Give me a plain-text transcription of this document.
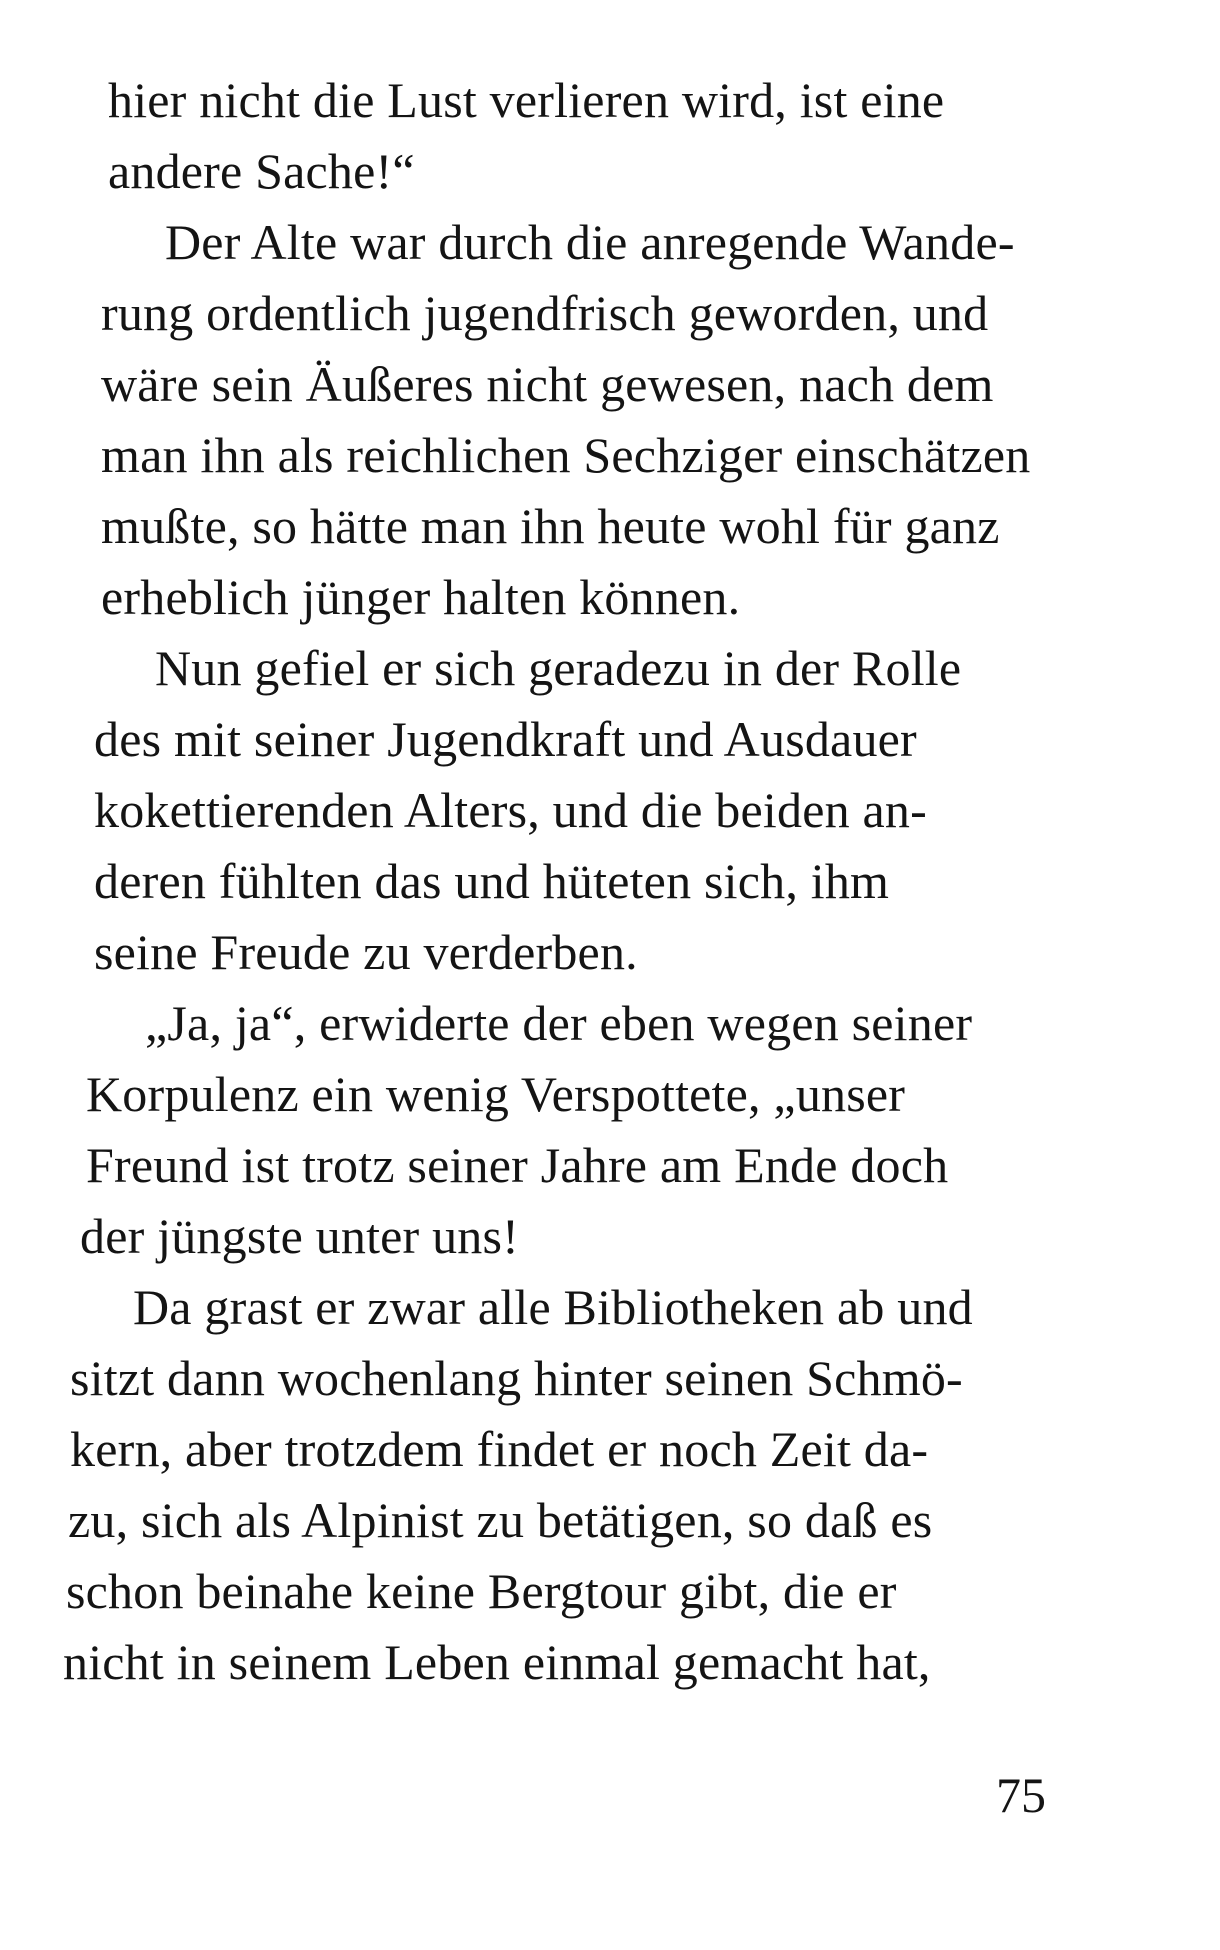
hier nicht die Lust verlieren wird, ist eine
andere Sache!“
Der Alte war durch die anregende Wande-
rung ordentlich jugendfrisch geworden, und
wäre sein Äußeres nicht gewesen, nach dem
man ihn als reichlichen Sechziger einschätzen
mußte, so hätte man ihn heute wohl für ganz
erheblich jünger halten können.
Nun gefiel er sich geradezu in der Rolle
des mit seiner Jugendkraft und Ausdauer
kokettierenden Alters, und die beiden an-
deren fühlten das und hüteten sich, ihm
seine Freude zu verderben.
„Ja, ja“, erwiderte der eben wegen seiner
Korpulenz ein wenig Verspottete, „unser
Freund ist trotz seiner Jahre am Ende doch
der jüngste unter uns!
Da grast er zwar alle Bibliotheken ab und
sitzt dann wochenlang hinter seinen Schmö-
kern, aber trotzdem findet er noch Zeit da-
zu, sich als Alpinist zu betätigen, so daß es
schon beinahe keine Bergtour gibt, die er
nicht in seinem Leben einmal gemacht hat,
75
